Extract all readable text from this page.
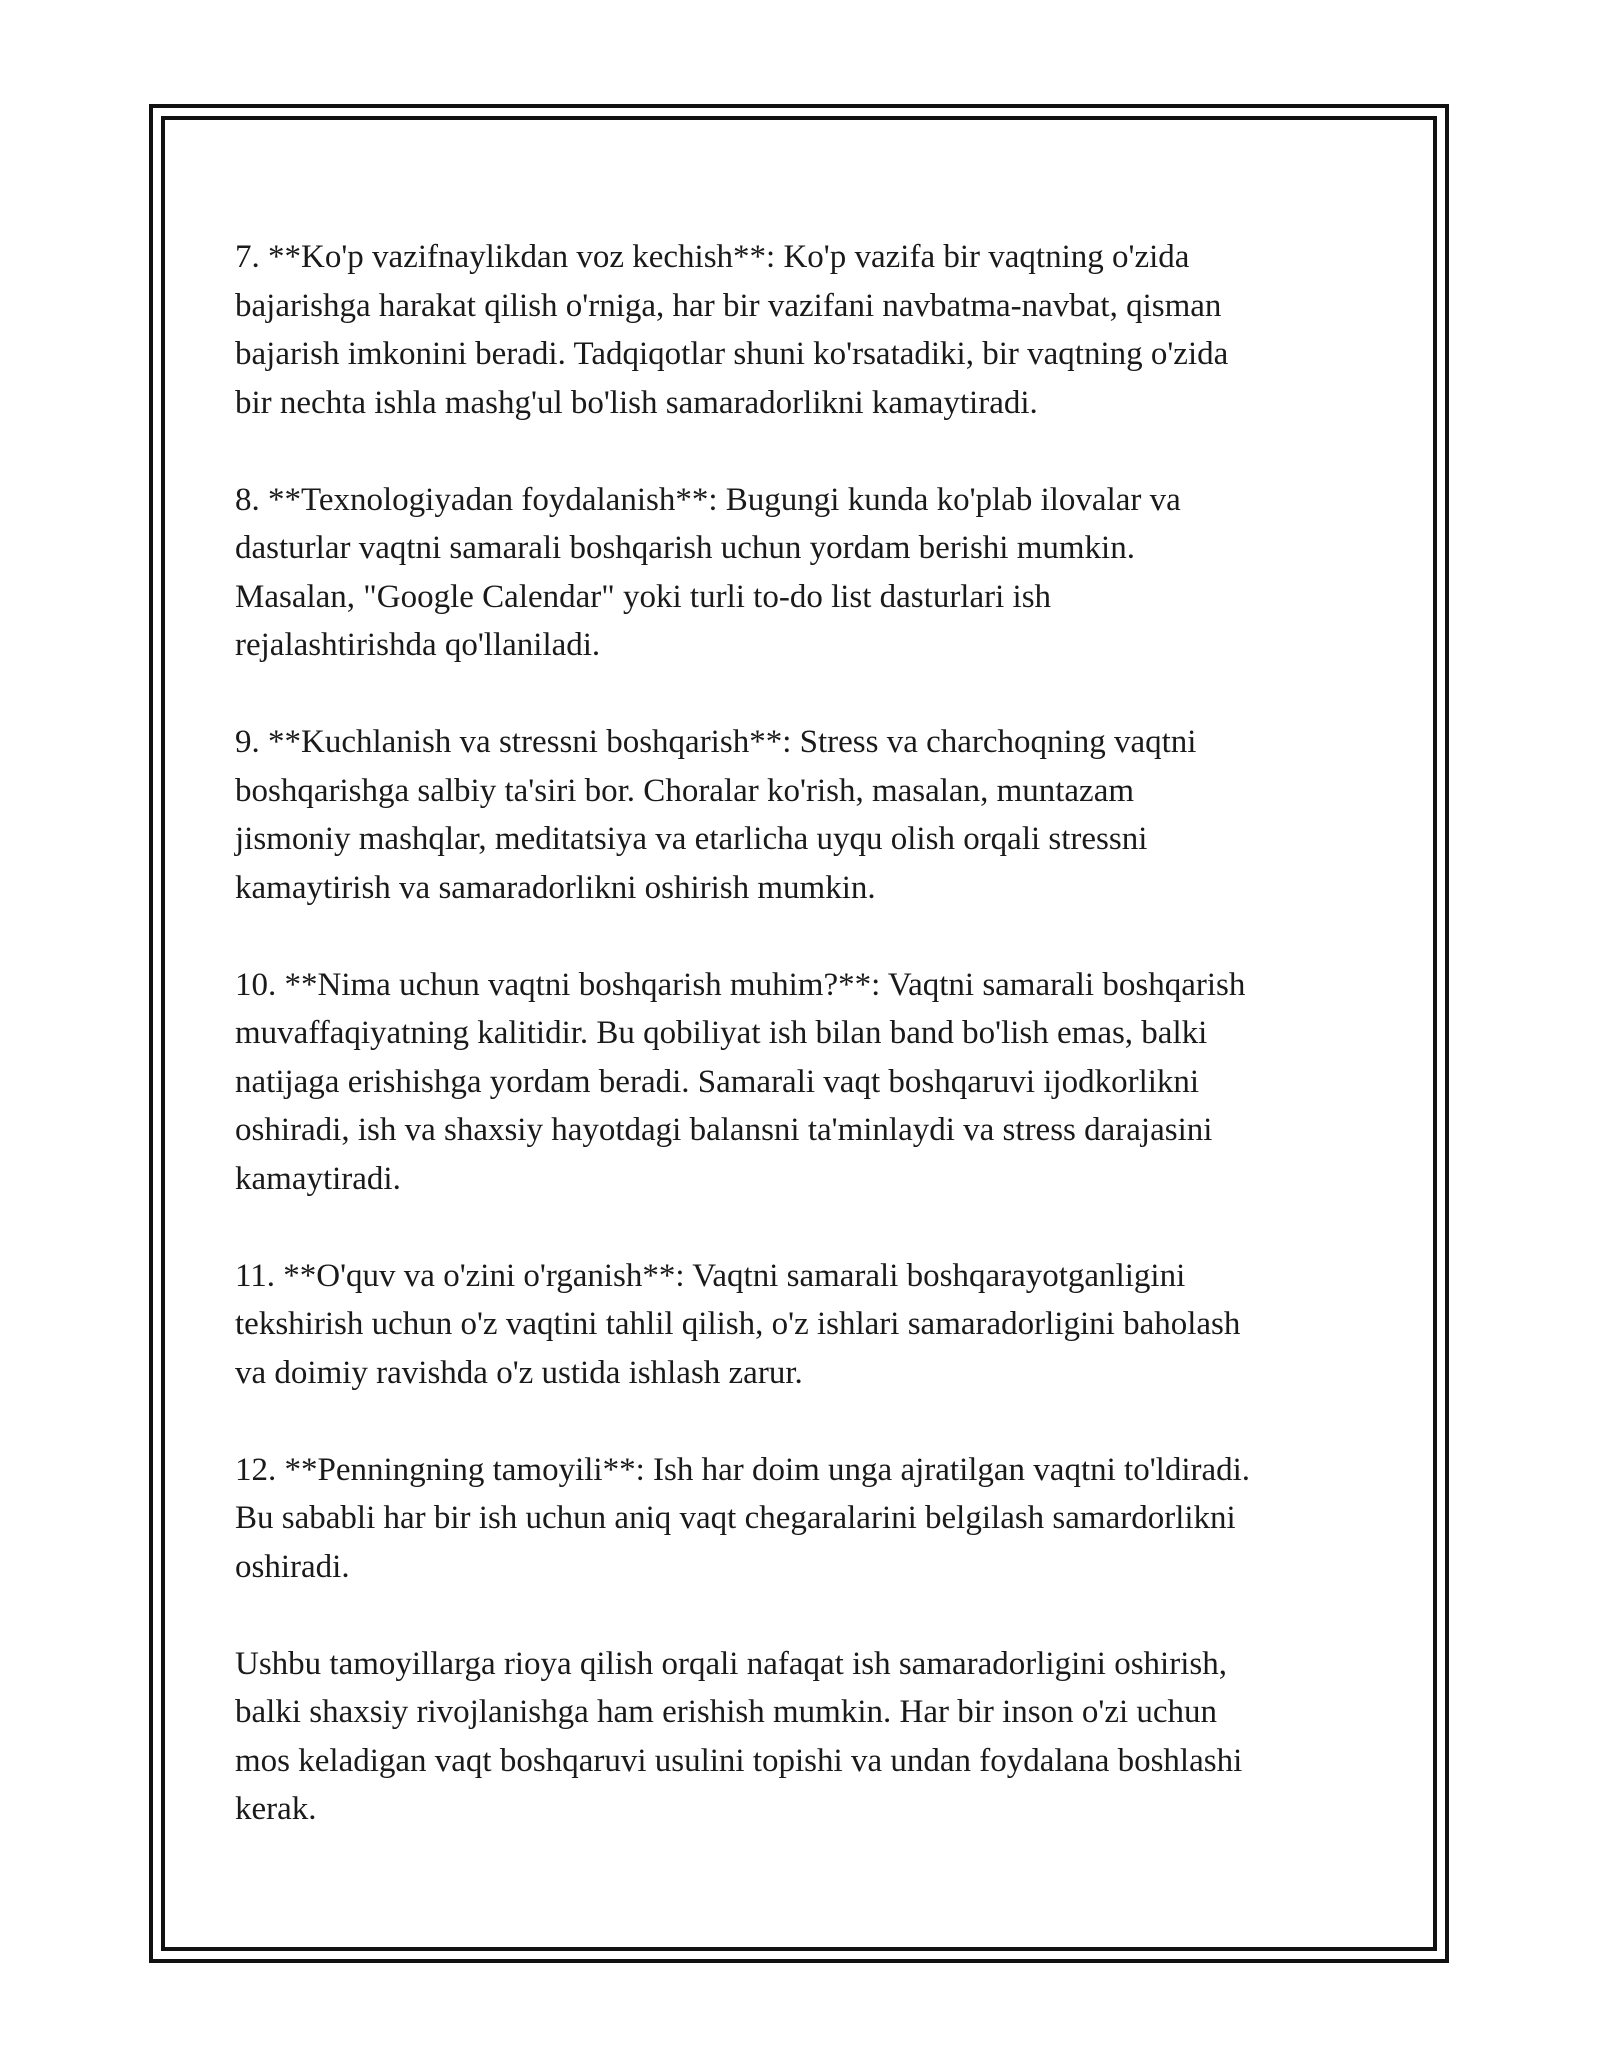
7. **Ko'p vazifnaylikdan voz kechish**: Ko'p vazifa bir vaqtning o'zida
bajarishga harakat qilish o'rniga, har bir vazifani navbatma-navbat, qisman
bajarish imkonini beradi. Tadqiqotlar shuni ko'rsatadiki, bir vaqtning o'zida
bir nechta ishla mashg'ul bo'lish samaradorlikni kamaytiradi.

8. **Texnologiyadan foydalanish**: Bugungi kunda ko'plab ilovalar va
dasturlar vaqtni samarali boshqarish uchun yordam berishi mumkin.
Masalan, "Google Calendar" yoki turli to-do list dasturlari ish
rejalashtirishda qo'llaniladi.

9. **Kuchlanish va stressni boshqarish**: Stress va charchoqning vaqtni
boshqarishga salbiy ta'siri bor. Choralar ko'rish, masalan, muntazam
jismoniy mashqlar, meditatsiya va etarlicha uyqu olish orqali stressni
kamaytirish va samaradorlikni oshirish mumkin.

10. **Nima uchun vaqtni boshqarish muhim?**: Vaqtni samarali boshqarish
muvaffaqiyatning kalitidir. Bu qobiliyat ish bilan band bo'lish emas, balki
natijaga erishishga yordam beradi. Samarali vaqt boshqaruvi ijodkorlikni
oshiradi, ish va shaxsiy hayotdagi balansni ta'minlaydi va stress darajasini
kamaytiradi.

11. **O'quv va o'zini o'rganish**: Vaqtni samarali boshqarayotganligini
tekshirish uchun o'z vaqtini tahlil qilish, o'z ishlari samaradorligini baholash
va doimiy ravishda o'z ustida ishlash zarur.

12. **Penningning tamoyili**: Ish har doim unga ajratilgan vaqtni to'ldiradi.
Bu sababli har bir ish uchun aniq vaqt chegaralarini belgilash samardorlikni
oshiradi.

Ushbu tamoyillarga rioya qilish orqali nafaqat ish samaradorligini oshirish,
balki shaxsiy rivojlanishga ham erishish mumkin. Har bir inson o'zi uchun
mos keladigan vaqt boshqaruvi usulini topishi va undan foydalana boshlashi
kerak.
